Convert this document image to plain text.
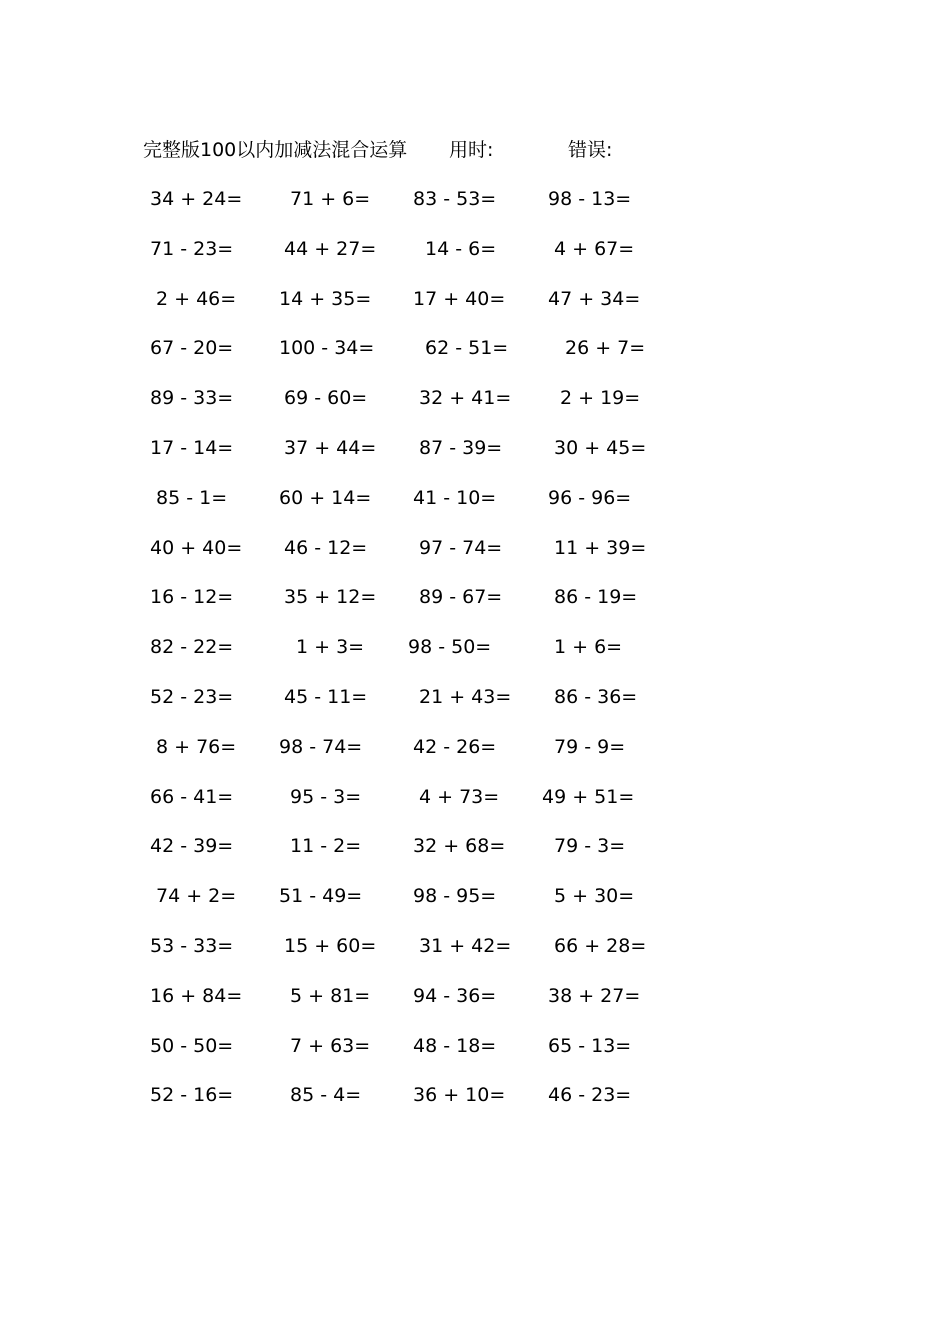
完整版100以内加减法混合运算 用时:	错误:
34 + 24=	71 + 6= 83 - 53=	98 - 13=
71 - 23=	44 + 27=	14 - 6=	4 + 67=
2 + 46= 14 + 35= 17 + 40= 47 + 34=
67 - 20= 100 - 34=	62 - 51=	26 + 7=
89 - 33=	69 - 60=	32 + 41=	2 + 19=
17 - 14=	37 + 44= 87 - 39=	30 + 45=
85 - 1=	60 + 14= 41 - 10=	96 - 96=
40 + 40= 46 - 12=	97 - 74=	11 + 39=
16 - 12=	35 + 12= 89 - 67=	86 - 19=
82 - 22=	1 + 3= 98 - 50=	1 + 6=
52 - 23=	45 - 11=	21 + 43= 86 - 36=
8 + 76= 98 - 74=	42 - 26=	79 - 9=
66 - 41=	95 - 3=	4 + 73= 49 + 51=
42 - 39=	11 - 2=	32 + 68=	79 - 3=
74 + 2= 51 - 49=	98 - 95=	5 + 30=
53 - 33=	15 + 60= 31 + 42= 66 + 28=
16 + 84=	5 + 81= 94 - 36=	38 + 27=
50 - 50=	7 + 63= 48 - 18=	65 - 13=
52 - 16=	85 - 4=	36 + 10= 46 - 23=
